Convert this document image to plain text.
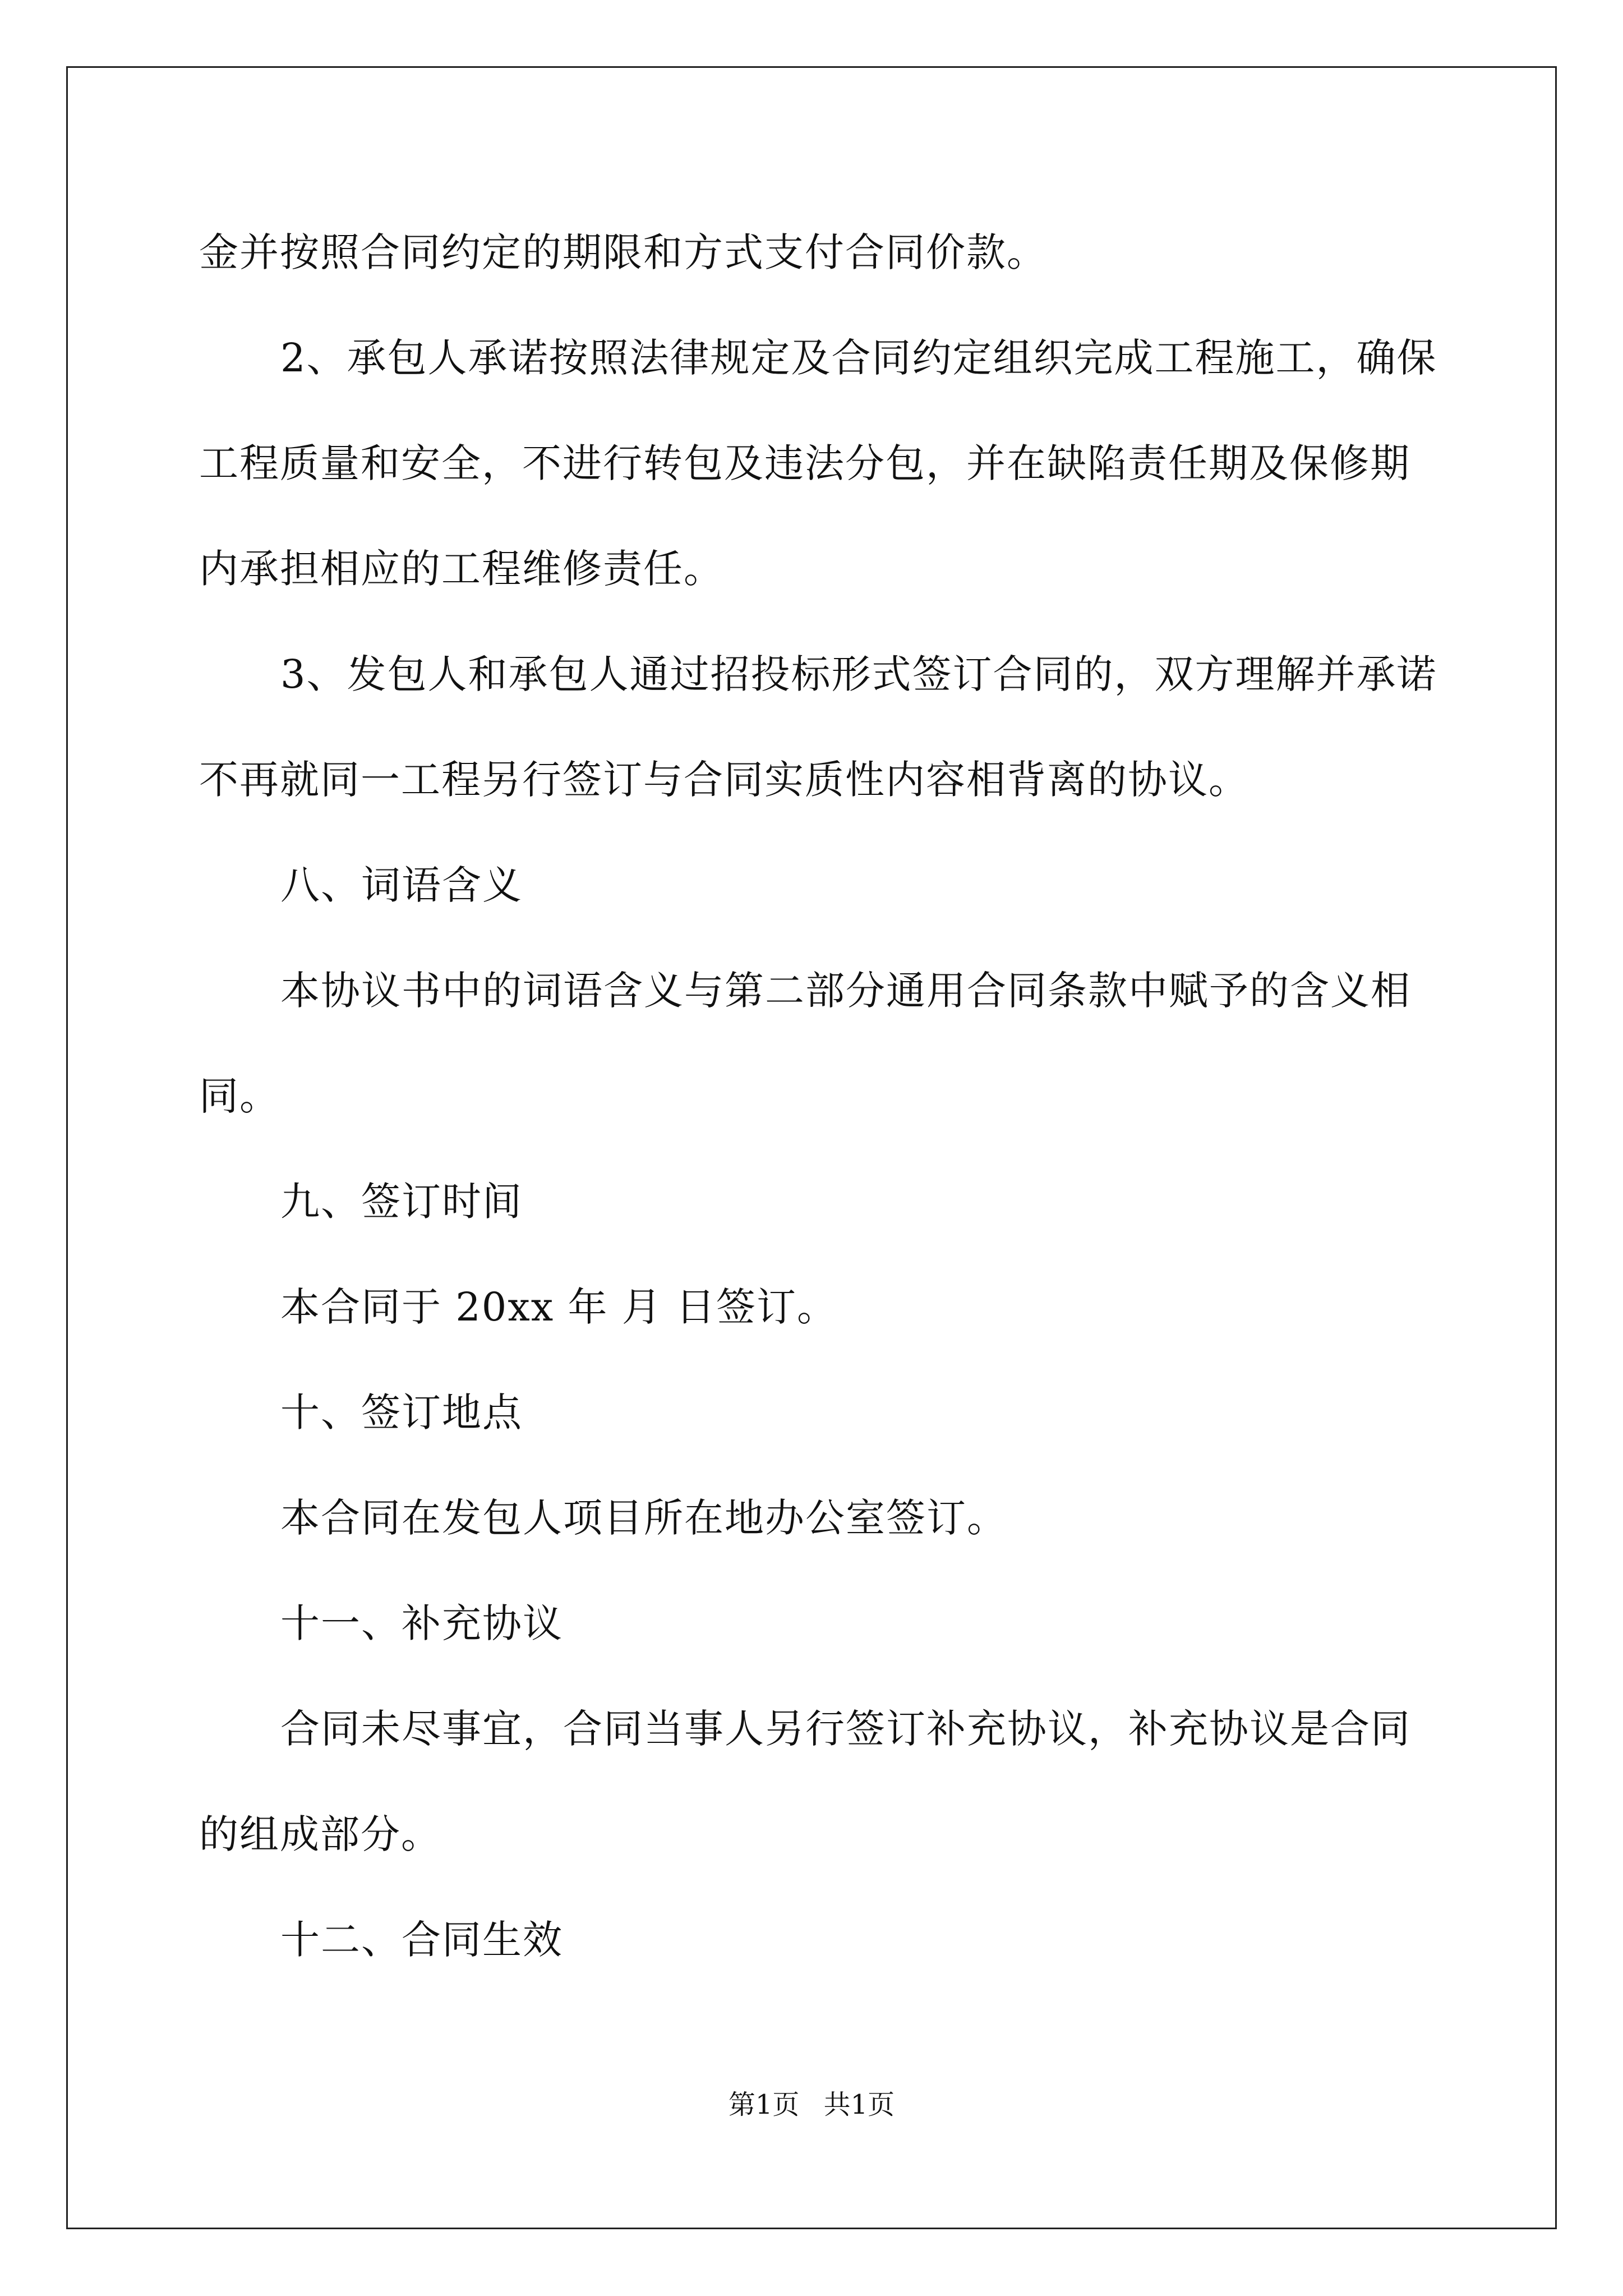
金并按照合同约定的期限和方式支付合同价款。
2、承包人承诺按照法律规定及合同约定组织完成工程施工，确保
工程质量和安全，不进行转包及违法分包，并在缺陷责任期及保修期
内承担相应的工程维修责任。
3、发包人和承包人通过招投标形式签订合同的，双方理解并承诺
不再就同一工程另行签订与合同实质性内容相背离的协议。
八、词语含义
本协议书中的词语含义与第二部分通用合同条款中赋予的含义相
同。
九、签订时间
本合同于 20xx 年 月 日签订。
十、签订地点
本合同在发包人项目所在地办公室签订。
十一、补充协议
合同未尽事宜，合同当事人另行签订补充协议，补充协议是合同
的组成部分。
十二、合同生效
第1页 共1页
